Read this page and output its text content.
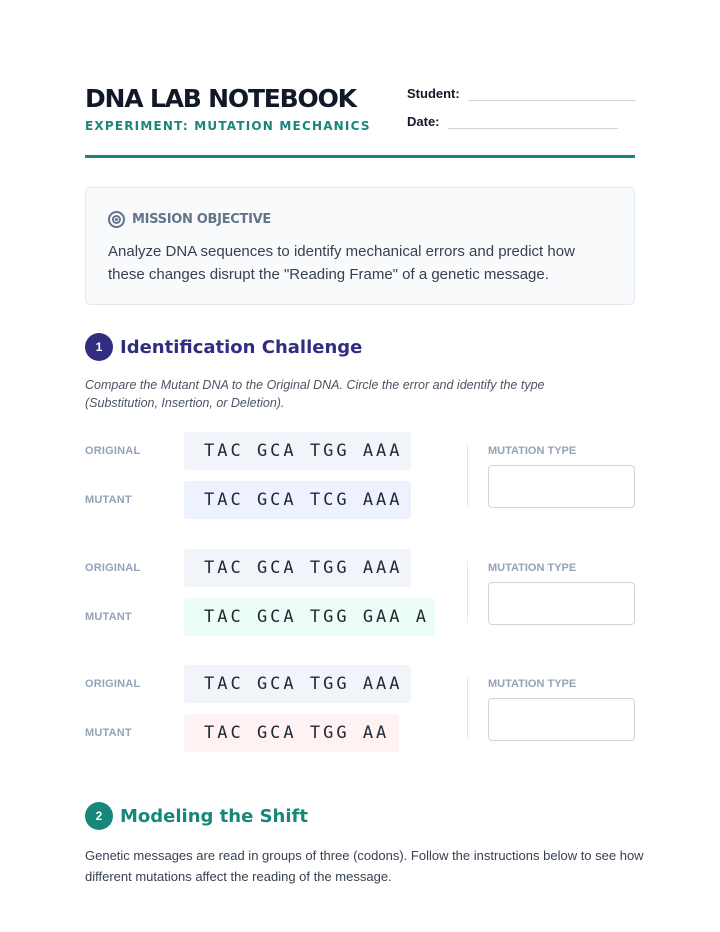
DNA LAB NOTEBOOK
EXPERIMENT: MUTATION MECHANICS
Student:
Date:
MISSION OBJECTIVE
Analyze DNA sequences to identify mechanical errors and predict how these changes disrupt the "Reading Frame" of a genetic message.
1 Identification Challenge
Compare the Mutant DNA to the Original DNA. Circle the error and identify the type (Substitution, Insertion, or Deletion).
ORIGINAL	TAC GCA TGG AAA
MUTANT	TAC GCA TCG AAA
MUTATION TYPE
ORIGINAL	TAC GCA TGG AAA
MUTANT	TAC GCA TGG GAA A
MUTATION TYPE
ORIGINAL	TAC GCA TGG AAA
MUTANT	TAC GCA TGG AA
MUTATION TYPE
2 Modeling the Shift
Genetic messages are read in groups of three (codons). Follow the instructions below to see how different mutations affect the reading of the message.
